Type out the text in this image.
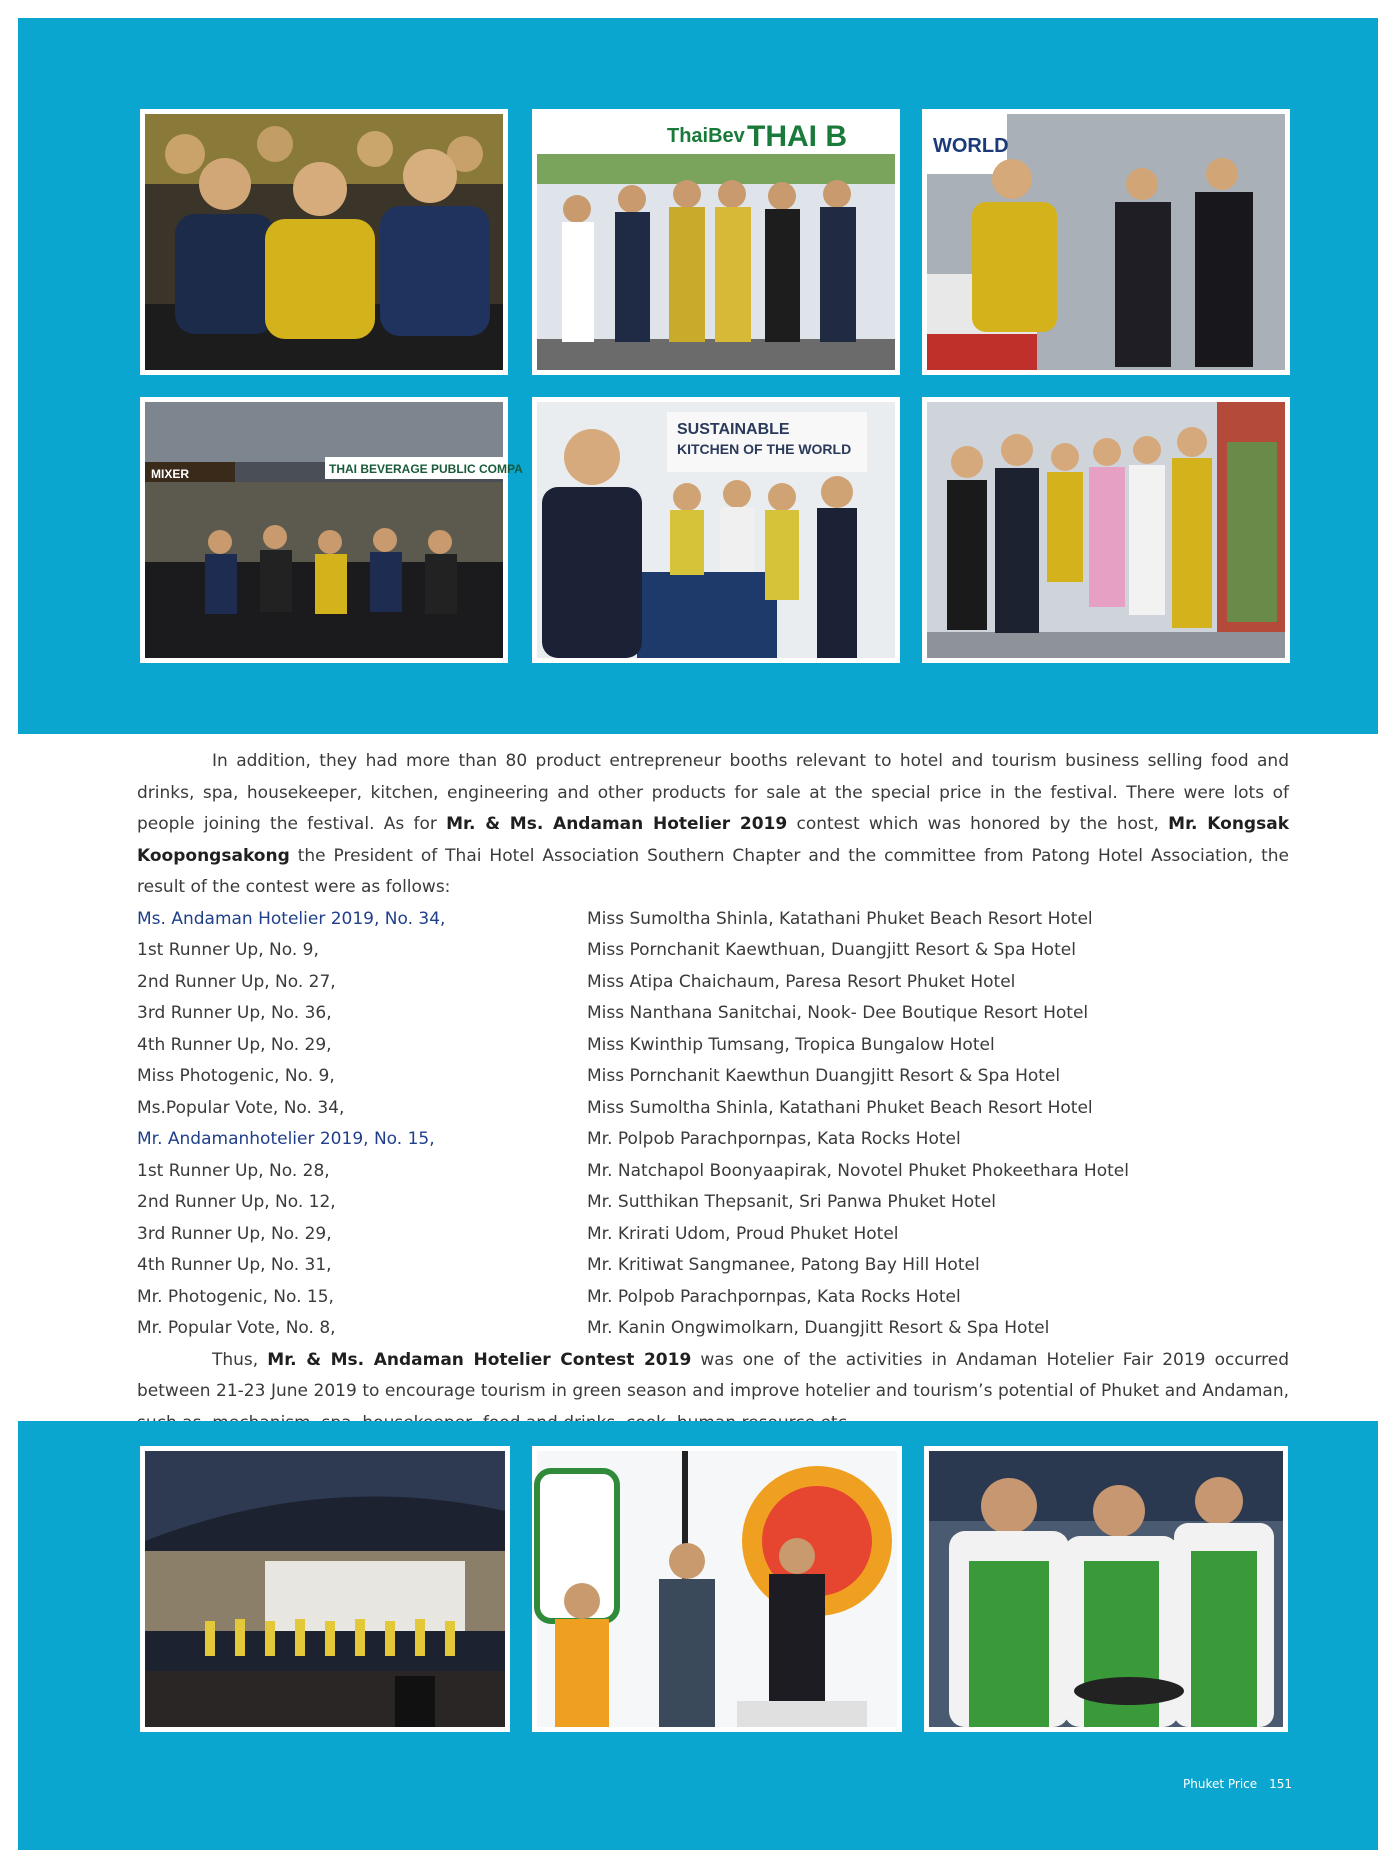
ThaiBev THAI B	WORLD
MIXER	THAI BEVERAGE PUBLIC COMPA
SUSTAINABLE
KITCHEN OF THE WORLD

In addition, they had more than 80 product entrepreneur booths relevant to hotel and tourism business selling food and drinks, spa, housekeeper, kitchen, engineering and other products for sale at the special price in the festival. There were lots of people joining the festival. As for Mr. & Ms. Andaman Hotelier 2019 contest which was honored by the host, Mr. Kongsak Koopongsakong the President of Thai Hotel Association Southern Chapter and the committee from Patong Hotel Association, the result of the contest were as follows:

Ms. Andaman Hotelier 2019, No. 34,	Miss Sumoltha Shinla, Katathani Phuket Beach Resort Hotel
1st Runner Up, No. 9,	Miss Pornchanit Kaewthuan, Duangjitt Resort & Spa Hotel
2nd Runner Up, No. 27,	Miss Atipa Chaichaum, Paresa Resort Phuket Hotel
3rd Runner Up, No. 36,	Miss Nanthana Sanitchai, Nook- Dee Boutique Resort Hotel
4th Runner Up, No. 29,	Miss Kwinthip Tumsang, Tropica Bungalow Hotel
Miss Photogenic, No. 9,	Miss Pornchanit Kaewthun Duangjitt Resort & Spa Hotel
Ms.Popular Vote, No. 34,	Miss Sumoltha Shinla, Katathani Phuket Beach Resort Hotel
Mr. Andamanhotelier 2019, No. 15,	Mr. Polpob Parachpornpas, Kata Rocks Hotel
1st Runner Up, No. 28,	Mr. Natchapol Boonyaapirak, Novotel Phuket Phokeethara Hotel
2nd Runner Up, No. 12,	Mr. Sutthikan Thepsanit, Sri Panwa Phuket Hotel
3rd Runner Up, No. 29,	Mr. Krirati Udom, Proud Phuket Hotel
4th Runner Up, No. 31,	Mr. Kritiwat Sangmanee, Patong Bay Hill Hotel
Mr. Photogenic, No. 15,	Mr. Polpob Parachpornpas, Kata Rocks Hotel
Mr. Popular Vote, No. 8,	Mr. Kanin Ongwimolkarn, Duangjitt Resort & Spa Hotel

Thus, Mr. & Ms. Andaman Hotelier Contest 2019 was one of the activities in Andaman Hotelier Fair 2019 occurred between 21-23 June 2019 to encourage tourism in green season and improve hotelier and tourism’s potential of Phuket and Andaman,

Phuket Price 151
